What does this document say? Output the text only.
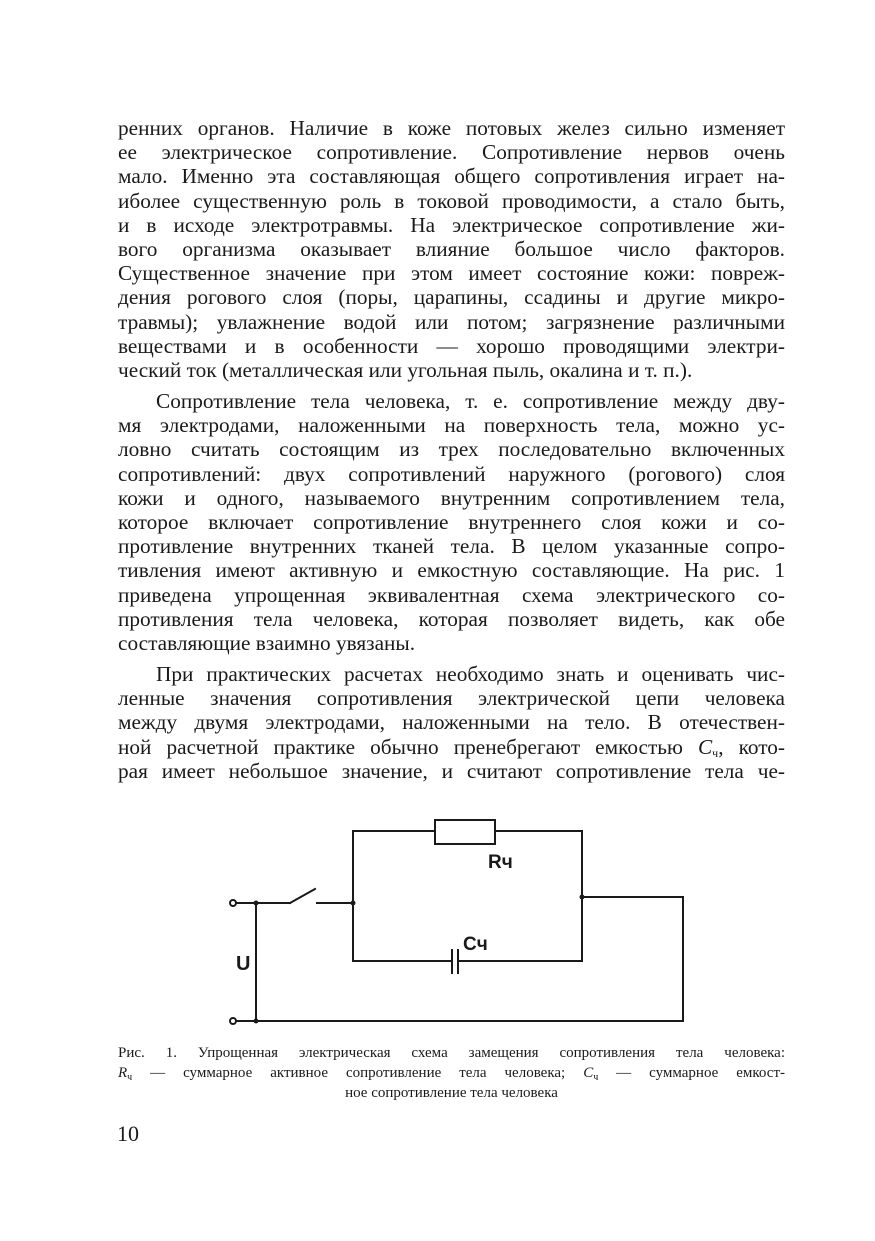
ренних органов. Наличие в коже потовых желез сильно изменяет
ее электрическое сопротивление. Сопротивление нервов очень
мало. Именно эта составляющая общего сопротивления играет на-
иболее существенную роль в токовой проводимости, а стало быть,
и в исходе электротравмы. На электрическое сопротивление жи-
вого организма оказывает влияние большое число факторов.
Существенное значение при этом имеет состояние кожи: повреж-
дения рогового слоя (поры, царапины, ссадины и другие микро-
травмы); увлажнение водой или потом; загрязнение различными
веществами и в особенности — хорошо проводящими электри-
ческий ток (металлическая или угольная пыль, окалина и т. п.).

Сопротивление тела человека, т. е. сопротивление между дву-
мя электродами, наложенными на поверхность тела, можно ус-
ловно считать состоящим из трех последовательно включенных
сопротивлений: двух сопротивлений наружного (рогового) слоя
кожи и одного, называемого внутренним сопротивлением тела,
которое включает сопротивление внутреннего слоя кожи и со-
противление внутренних тканей тела. В целом указанные сопро-
тивления имеют активную и емкостную составляющие. На рис. 1
приведена упрощенная эквивалентная схема электрического со-
противления тела человека, которая позволяет видеть, как обе
составляющие взаимно увязаны.

При практических расчетах необходимо знать и оценивать чис-
ленные значения сопротивления электрической цепи человека
между двумя электродами, наложенными на тело. В отечествен-
ной расчетной практике обычно пренебрегают емкостью $C_ч$, кото-
рая имеет небольшое значение, и считают сопротивление тела че-

Rч
Cч
U

Рис. 1. Упрощенная электрическая схема замещения сопротивления тела человека:
$R_ч$ — суммарное активное сопротивление тела человека; $C_ч$ — суммарное емкост-
ное сопротивление тела человека

10
